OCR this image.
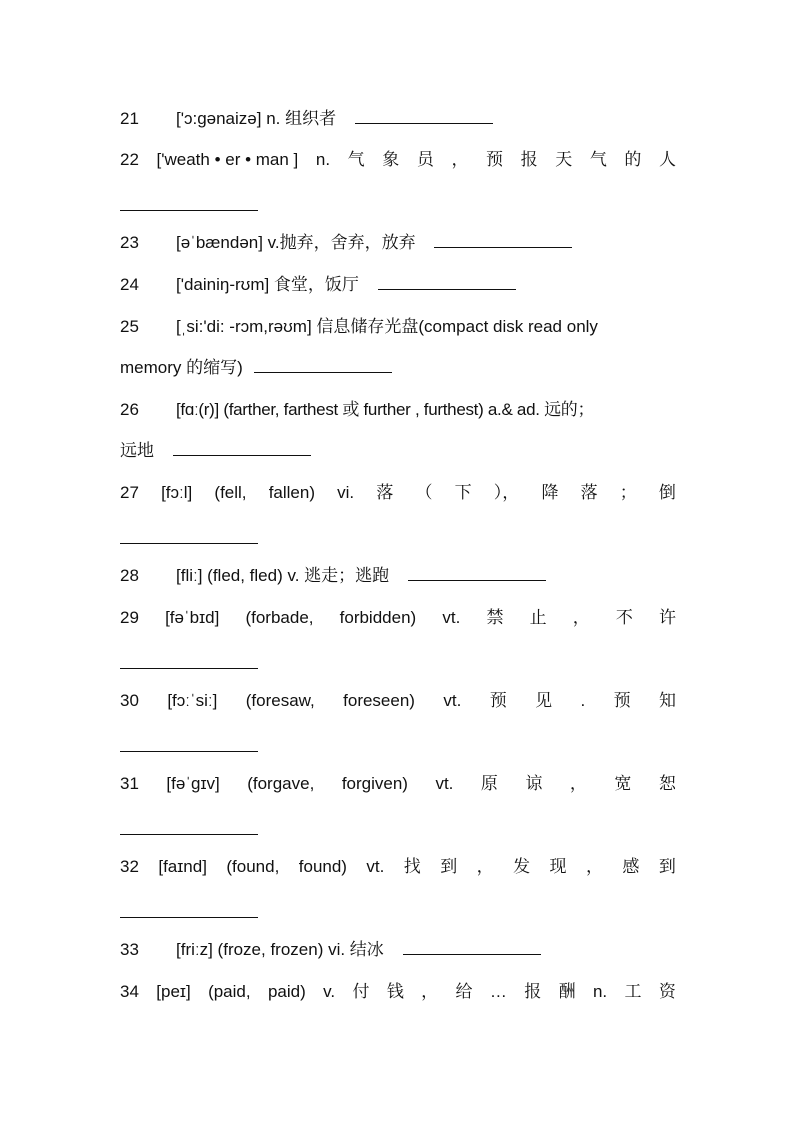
21 ['ɔ:gənaizə] n. 组织者
22 ['weath • er • man ] n. 气 象 员 ， 预 报 天 气 的 人
23 [əˈbændən] v.抛弃，舍弃，放弃
24 ['dainiŋ-rʊm] 食堂，饭厅
25 [ˌsi:'di: -rɔm,rəʊm] 信息储存光盘(compact disk read only
memory 的缩写)
26 [fɑː(r)] (farther, farthest 或 further , furthest) a.& ad. 远的；
远地
27 [fɔːl] (fell, fallen) vi. 落 （ 下 ）， 降 落 ； 倒
28 [fliː] (fled, fled) v. 逃走；逃跑
29 [fəˈbɪd] (forbade, forbidden) vt. 禁 止 ， 不 许
30 [fɔːˈsiː] (foresaw, foreseen) vt. 预 见 . 预 知
31 [fəˈɡɪv] (forgave, forgiven) vt. 原 谅 ， 宽 恕
32 [faɪnd] (found, found) vt. 找 到 ， 发 现 ， 感 到
33 [friːz] (froze, frozen) vi. 结冰
34 [peɪ] (paid, paid) v. 付 钱 ， 给 … 报 酬 n. 工 资
